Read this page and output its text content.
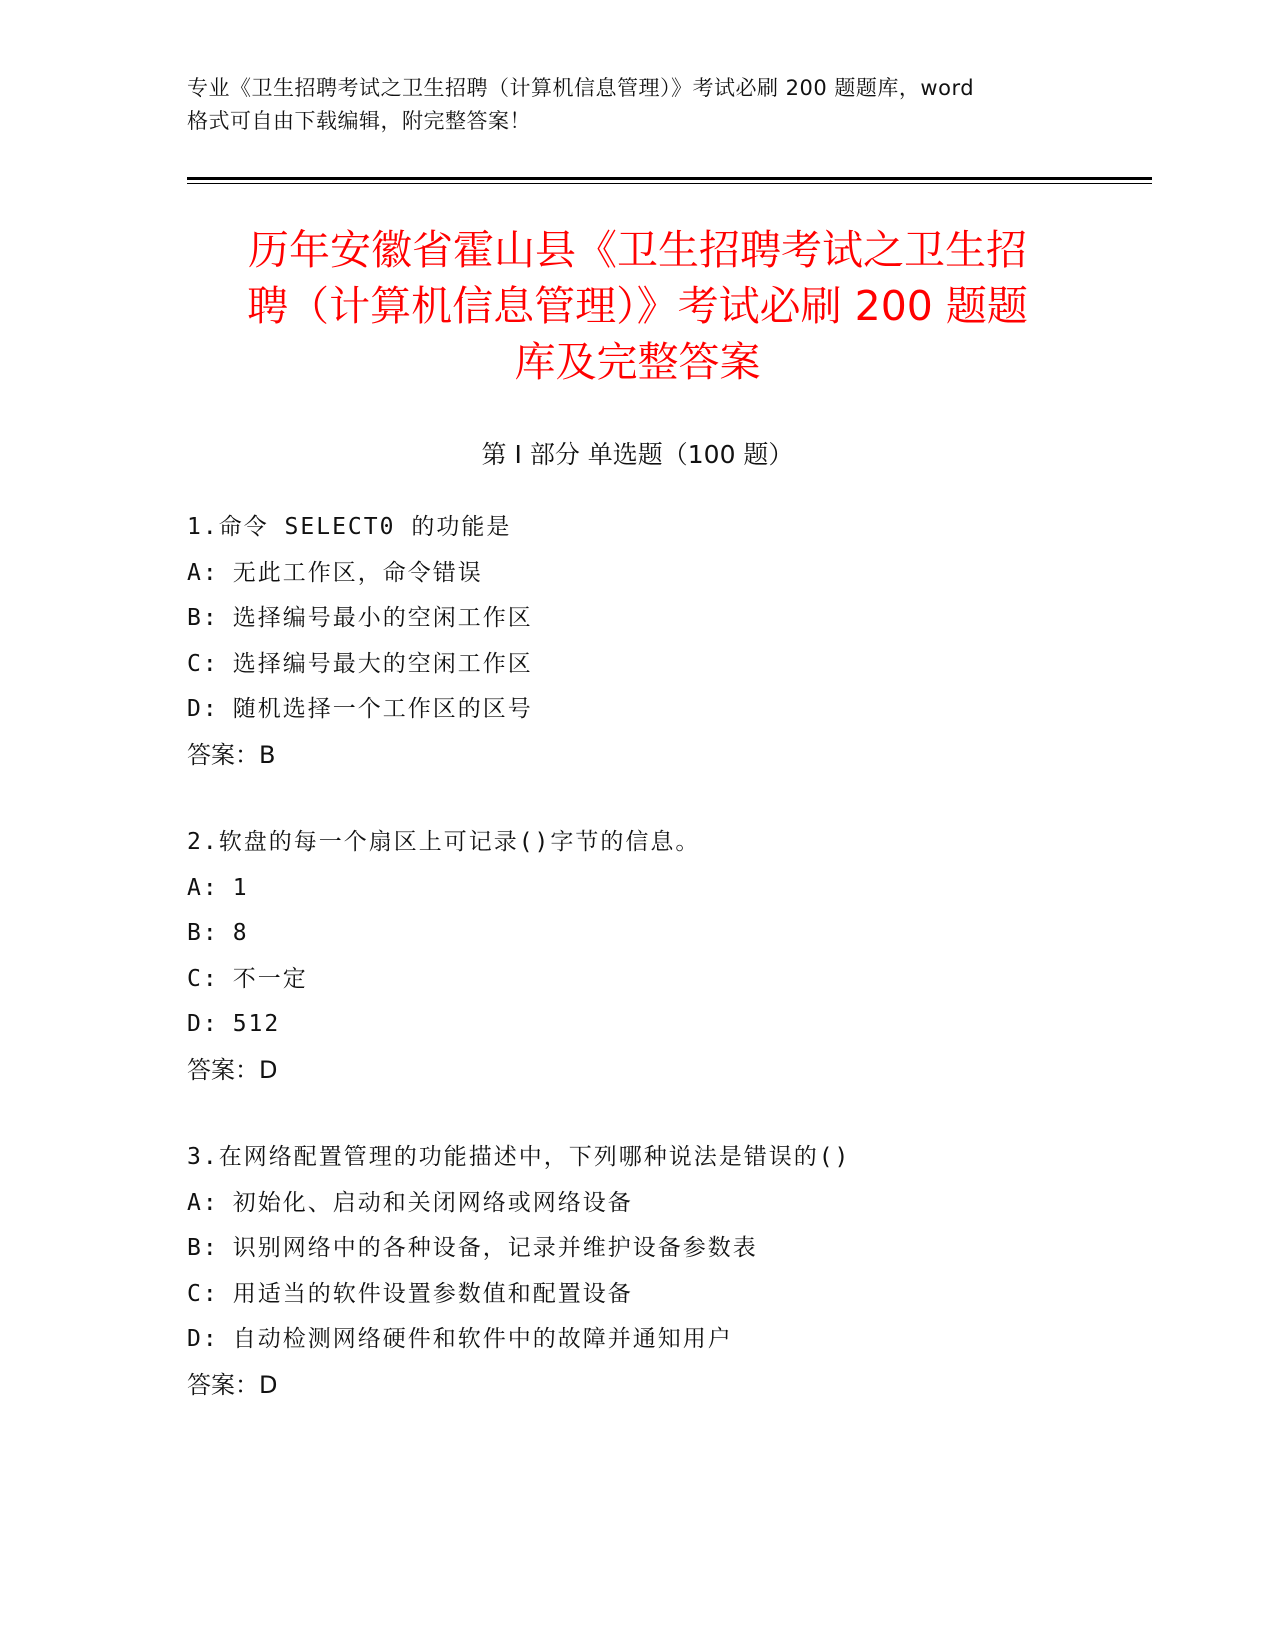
专业《卫生招聘考试之卫生招聘（计算机信息管理）》考试必刷 200 题题库，word
格式可自由下载编辑，附完整答案！
历年安徽省霍山县《卫生招聘考试之卫生招
聘（计算机信息管理）》考试必刷 200 题题
库及完整答案
第 I 部分 单选题（100 题）
1.命令 SELECT0 的功能是
A: 无此工作区，命令错误
B: 选择编号最小的空闲工作区
C: 选择编号最大的空闲工作区
D: 随机选择一个工作区的区号
答案：B
2.软盘的每一个扇区上可记录()字节的信息。
A: 1
B: 8
C: 不一定
D: 512
答案：D
3.在网络配置管理的功能描述中，下列哪种说法是错误的()
A: 初始化、启动和关闭网络或网络设备
B: 识别网络中的各种设备，记录并维护设备参数表
C: 用适当的软件设置参数值和配置设备
D: 自动检测网络硬件和软件中的故障并通知用户
答案：D
